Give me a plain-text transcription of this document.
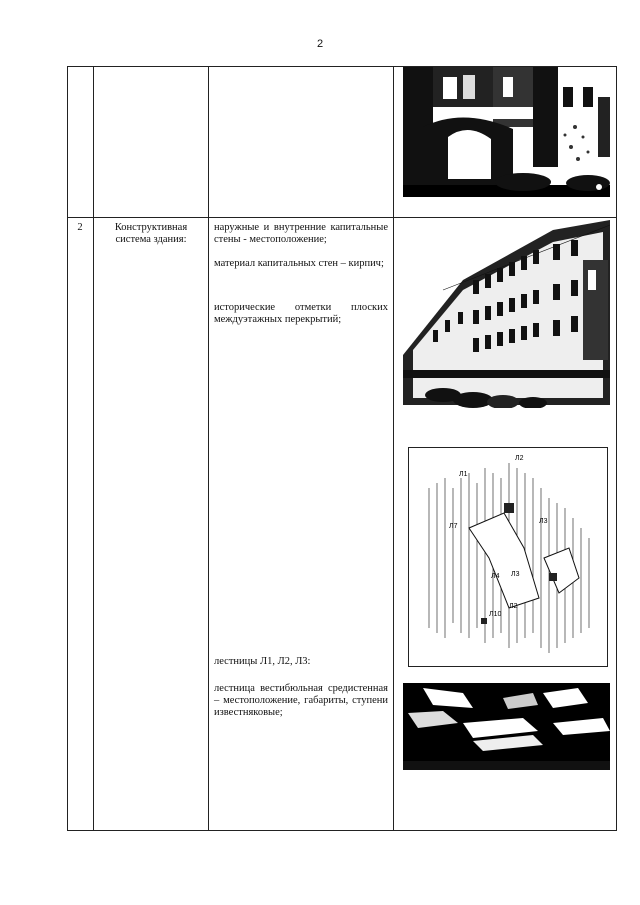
2
2	Конструктивная система здания:
наружные и внутренние капитальные стены - местоположение;
материал капитальных стен – кирпич;
исторические отметки плоских междуэтажных перекрытий;
лестницы Л1, Л2, Л3:
лестница вестибюльная средистенная – местоположение, габариты, ступени известняковые;
Л1
Л2
Л3
Л4 Л3
Л2
Л10
Л7
